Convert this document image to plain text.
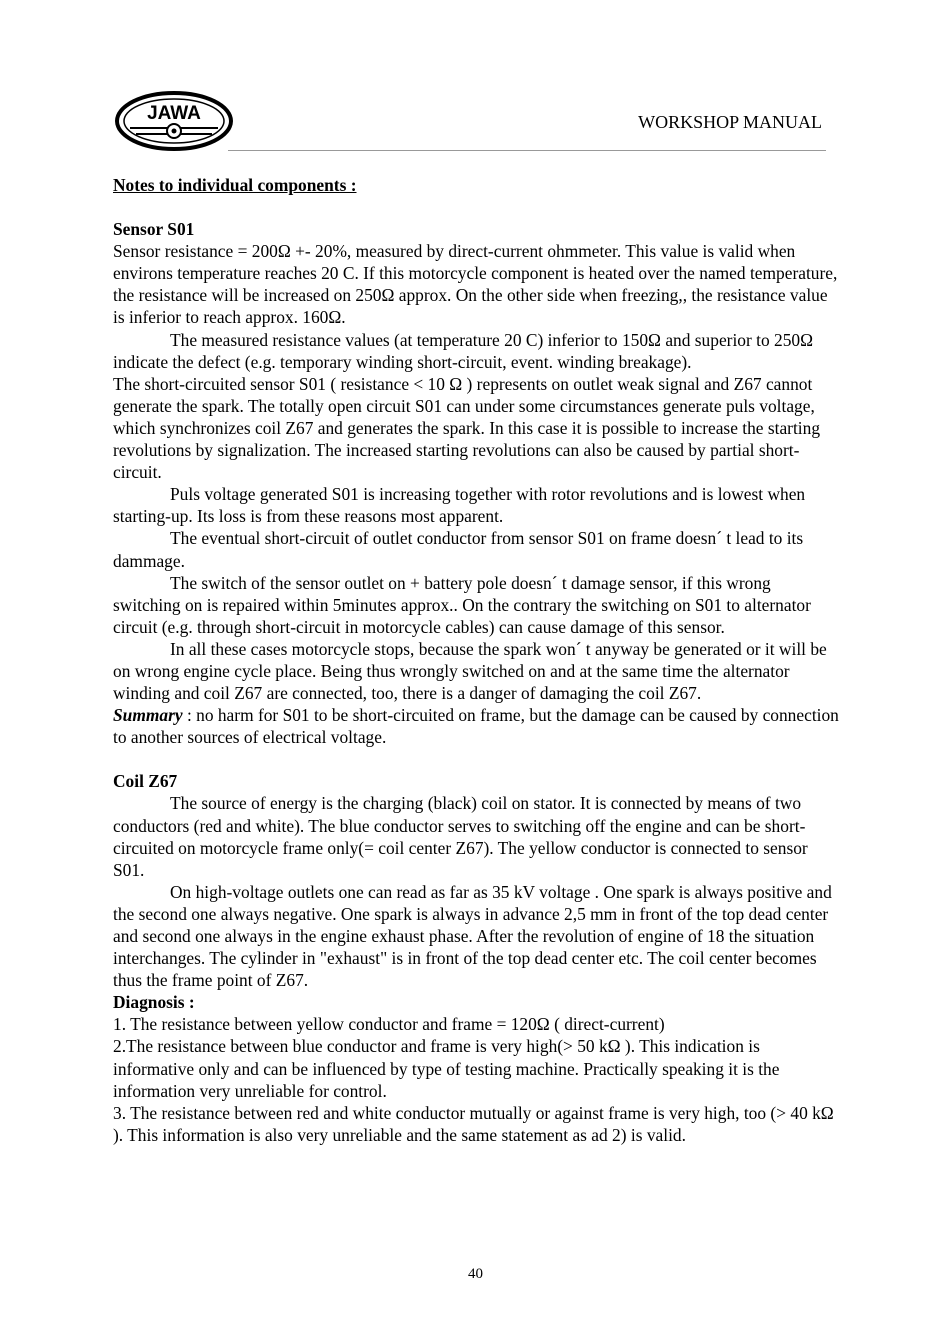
JAWA	WORKSHOP MANUAL

Notes to individual components :

Sensor S01

Sensor resistance = 200Ω +- 20%, measured by direct-current ohmmeter. This value is valid when environs temperature reaches 20 C. If this motorcycle component is heated over the named temperature, the resistance will be increased on 250Ω approx. On the other side when freezing,, the resistance value is inferior to reach approx. 160Ω.

The measured resistance values (at temperature 20 C) inferior to 150Ω and superior to 250Ω indicate the defect (e.g. temporary winding short-circuit, event. winding breakage).

The short-circuited sensor S01 ( resistance < 10 Ω ) represents on outlet weak signal and Z67 cannot generate the spark. The totally open circuit S01 can under some circumstances generate puls voltage, which synchronizes coil Z67 and generates the spark. In this case it is possible to increase the starting revolutions by signalization. The increased starting revolutions can also be caused by partial short-circuit.

Puls voltage generated S01 is increasing together with rotor revolutions and is lowest when starting-up. Its loss is from these reasons most apparent.

The eventual short-circuit of outlet conductor from sensor S01 on frame doesn´ t lead to its dammage.

The switch of the sensor outlet on + battery pole doesn´ t damage sensor, if this wrong switching on is repaired within 5minutes approx.. On the contrary the switching on S01 to alternator circuit (e.g. through short-circuit in motorcycle cables) can cause damage of this sensor.

In all these cases motorcycle stops, because the spark won´ t anyway be generated or it will be on wrong engine cycle place. Being thus wrongly switched on and at the same time the alternator winding and coil Z67 are connected, too, there is a danger of damaging the coil Z67.

Summary : no harm for S01 to be short-circuited on frame, but the damage can be caused by connection to another sources of electrical voltage.

Coil Z67

The source of energy is the charging (black) coil on stator. It is connected by means of two conductors (red and white). The blue conductor serves to switching off the engine and can be short-circuited on motorcycle frame only(= coil center Z67). The yellow conductor is connected to sensor S01.

On high-voltage outlets one can read as far as 35 kV voltage . One spark is always positive and the second one always negative. One spark is always in advance 2,5 mm in front of the top dead center and second one always in the engine exhaust phase. After the revolution of engine of 18 the situation interchanges. The cylinder in "exhaust" is in front of the top dead center etc. The coil center becomes thus the frame point of Z67.

Diagnosis :

1. The resistance between yellow conductor and frame = 120Ω ( direct-current)

2.The resistance between blue conductor and frame is very high(> 50 kΩ ). This indication is informative only and can be influenced by type of testing machine. Practically speaking it is the information very unreliable for control.

3. The resistance between red and white conductor mutually or against frame is very high, too (> 40 kΩ ). This information is also very unreliable and the same statement as ad 2) is valid.

40
